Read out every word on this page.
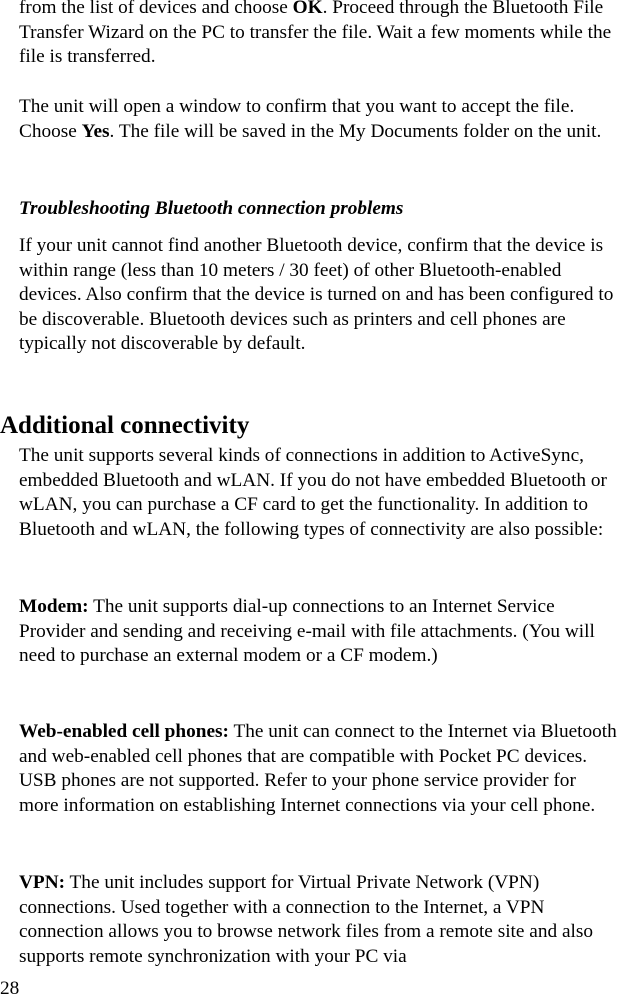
from the list of devices and choose OK. Proceed through the Bluetooth File Transfer Wizard on the PC to transfer the file. Wait a few moments while the file is transferred.

The unit will open a window to confirm that you want to accept the file. Choose Yes. The file will be saved in the My Documents folder on the unit.

Troubleshooting Bluetooth connection problems

If your unit cannot find another Bluetooth device, confirm that the device is within range (less than 10 meters / 30 feet) of other Bluetooth-enabled devices. Also confirm that the device is turned on and has been configured to be discoverable. Bluetooth devices such as printers and cell phones are typically not discoverable by default.

Additional connectivity

The unit supports several kinds of connections in addition to ActiveSync, embedded Bluetooth and wLAN. If you do not have embedded Bluetooth or wLAN, you can purchase a CF card to get the functionality. In addition to Bluetooth and wLAN, the following types of connectivity are also possible:

Modem: The unit supports dial-up connections to an Internet Service Provider and sending and receiving e-mail with file attachments. (You will need to purchase an external modem or a CF modem.)

Web-enabled cell phones: The unit can connect to the Internet via Bluetooth and web-enabled cell phones that are compatible with Pocket PC devices. USB phones are not supported. Refer to your phone service provider for more information on establishing Internet connections via your cell phone.

VPN: The unit includes support for Virtual Private Network (VPN) connections. Used together with a connection to the Internet, a VPN connection allows you to browse network files from a remote site and also supports remote synchronization with your PC via

28
